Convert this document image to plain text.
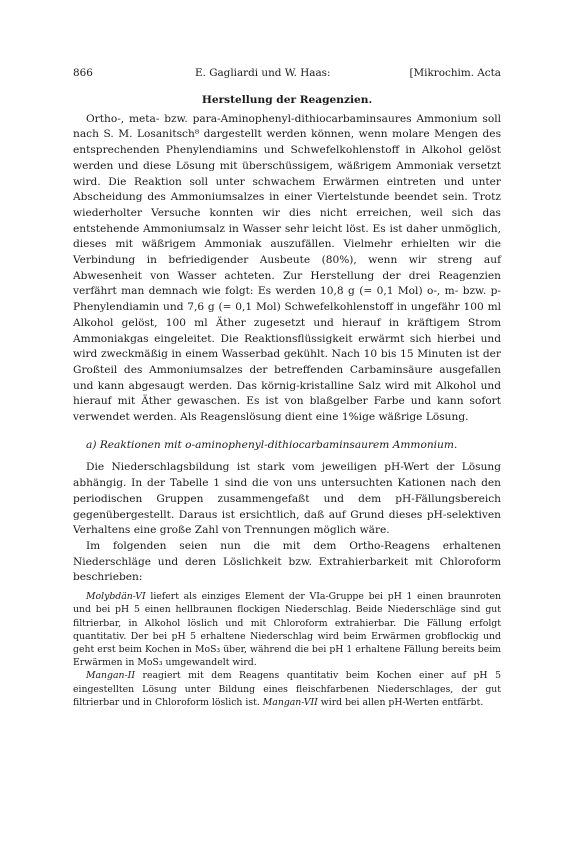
866	E. Gagliardi und W. Haas:	[Mikrochim. Acta
Herstellung der Reagenzien.

Ortho-, meta- bzw. para-Aminophenyl-dithiocarbaminsaures Ammonium soll nach S. M. Losanitsch⁸ dargestellt werden können, wenn molare Mengen des entsprechenden Phenylendiamins und Schwefelkohlenstoff in Alkohol gelöst werden und diese Lösung mit überschüssigem, wäßrigem Ammoniak versetzt wird. Die Reaktion soll unter schwachem Erwärmen eintreten und unter Abscheidung des Ammoniumsalzes in einer Viertelstunde beendet sein. Trotz wiederholter Versuche konnten wir dies nicht erreichen, weil sich das entstehende Ammoniumsalz in Wasser sehr leicht löst. Es ist daher unmöglich, dieses mit wäßrigem Ammoniak auszufällen. Vielmehr erhielten wir die Verbindung in befriedigender Ausbeute (80%), wenn wir streng auf Abwesenheit von Wasser achteten. Zur Herstellung der drei Reagenzien verfährt man demnach wie folgt: Es werden 10,8 g (= 0,1 Mol) o-, m- bzw. p-Phenylendiamin und 7,6 g (= 0,1 Mol) Schwefelkohlenstoff in ungefähr 100 ml Alkohol gelöst, 100 ml Äther zugesetzt und hierauf in kräftigem Strom Ammoniakgas eingeleitet. Die Reaktionsflüssigkeit erwärmt sich hierbei und wird zweckmäßig in einem Wasserbad gekühlt. Nach 10 bis 15 Minuten ist der Großteil des Ammoniumsalzes der betreffenden Carbaminsäure ausgefallen und kann abgesaugt werden. Das körnig-kristalline Salz wird mit Alkohol und hierauf mit Äther gewaschen. Es ist von blaßgelber Farbe und kann sofort verwendet werden. Als Reagenslösung dient eine 1%ige wäßrige Lösung.

a) Reaktionen mit o-aminophenyl-dithiocarbaminsaurem Ammonium.

Die Niederschlagsbildung ist stark vom jeweiligen pH-Wert der Lösung abhängig. In der Tabelle 1 sind die von uns untersuchten Kationen nach den periodischen Gruppen zusammengefaßt und dem pH-Fällungsbereich gegenübergestellt. Daraus ist ersichtlich, daß auf Grund dieses pH-selektiven Verhaltens eine große Zahl von Trennungen möglich wäre.

Im folgenden seien nun die mit dem Ortho-Reagens erhaltenen Niederschläge und deren Löslichkeit bzw. Extrahierbarkeit mit Chloroform beschrieben:

Molybdän-VI liefert als einziges Element der VIa-Gruppe bei pH 1 einen braunroten und bei pH 5 einen hellbraunen flockigen Niederschlag. Beide Niederschläge sind gut filtrierbar, in Alkohol löslich und mit Chloroform extrahierbar. Die Fällung erfolgt quantitativ. Der bei pH 5 erhaltene Niederschlag wird beim Erwärmen grobflockig und geht erst beim Kochen in MoS₃ über, während die bei pH 1 erhaltene Fällung bereits beim Erwärmen in MoS₃ umgewandelt wird.

Mangan-II reagiert mit dem Reagens quantitativ beim Kochen einer auf pH 5 eingestellten Lösung unter Bildung eines fleischfarbenen Niederschlages, der gut filtrierbar und in Chloroform löslich ist. Mangan-VII wird bei allen pH-Werten entfärbt.
